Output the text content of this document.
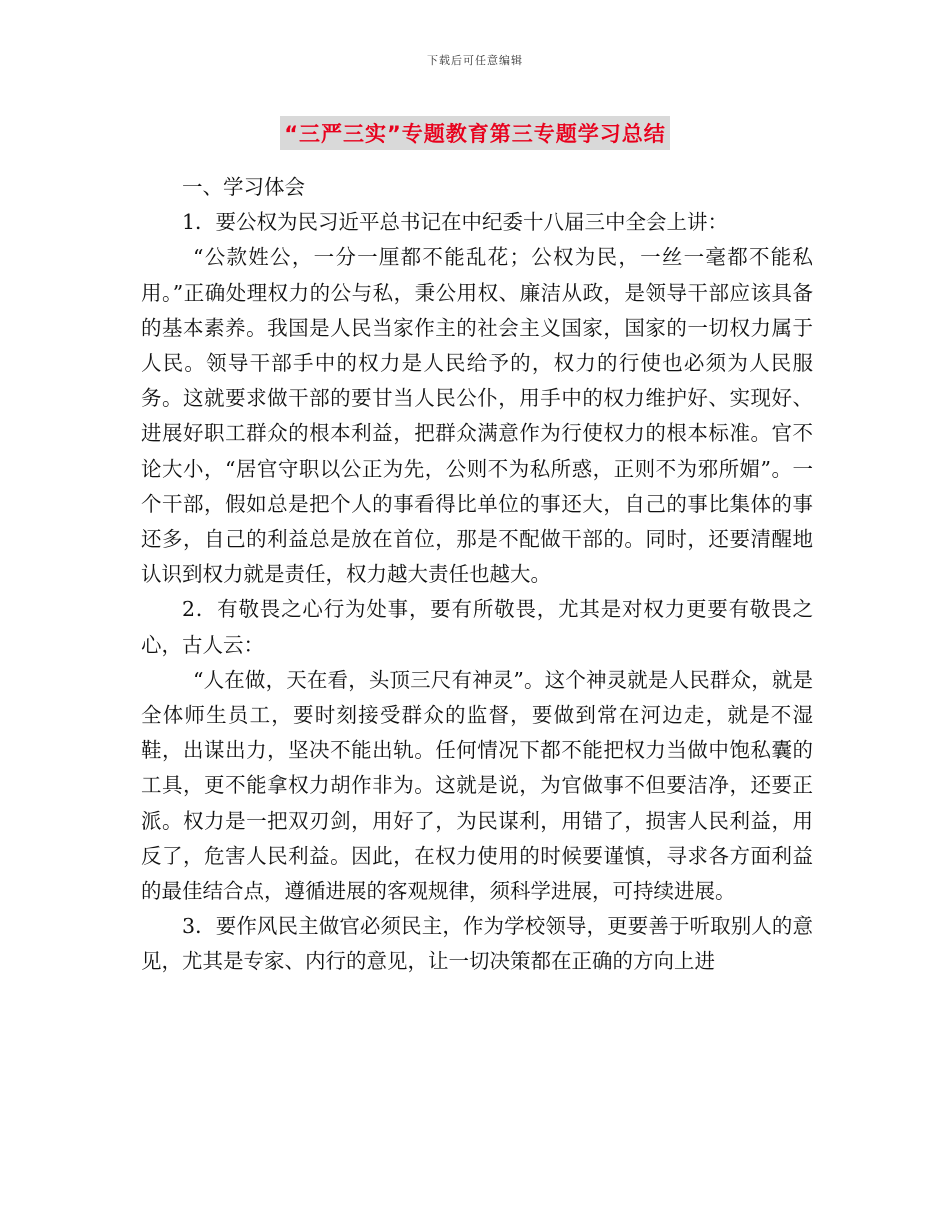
下载后可任意编辑
“三严三实”专题教育第三专题学习总结

一、学习体会

1．要公权为民习近平总书记在中纪委十八届三中全会上讲：

“公款姓公，一分一厘都不能乱花；公权为民，一丝一毫都不能私用。”正确处理权力的公与私，秉公用权、廉洁从政，是领导干部应该具备的基本素养。我国是人民当家作主的社会主义国家，国家的一切权力属于人民。领导干部手中的权力是人民给予的，权力的行使也必须为人民服务。这就要求做干部的要甘当人民公仆，用手中的权力维护好、实现好、进展好职工群众的根本利益，把群众满意作为行使权力的根本标准。官不论大小，“居官守职以公正为先，公则不为私所惑，正则不为邪所媚”。一个干部，假如总是把个人的事看得比单位的事还大，自己的事比集体的事还多，自己的利益总是放在首位，那是不配做干部的。同时，还要清醒地认识到权力就是责任，权力越大责任也越大。

2．有敬畏之心行为处事，要有所敬畏，尤其是对权力更要有敬畏之心，古人云：

“人在做，天在看，头顶三尺有神灵”。这个神灵就是人民群众，就是全体师生员工，要时刻接受群众的监督，要做到常在河边走，就是不湿鞋，出谋出力，坚决不能出轨。任何情况下都不能把权力当做中饱私囊的工具，更不能拿权力胡作非为。这就是说，为官做事不但要洁净，还要正派。权力是一把双刃剑，用好了，为民谋利，用错了，损害人民利益，用反了，危害人民利益。因此，在权力使用的时候要谨慎，寻求各方面利益的最佳结合点，遵循进展的客观规律，须科学进展，可持续进展。

3．要作风民主做官必须民主，作为学校领导，更要善于听取别人的意见，尤其是专家、内行的意见，让一切决策都在正确的方向上进
